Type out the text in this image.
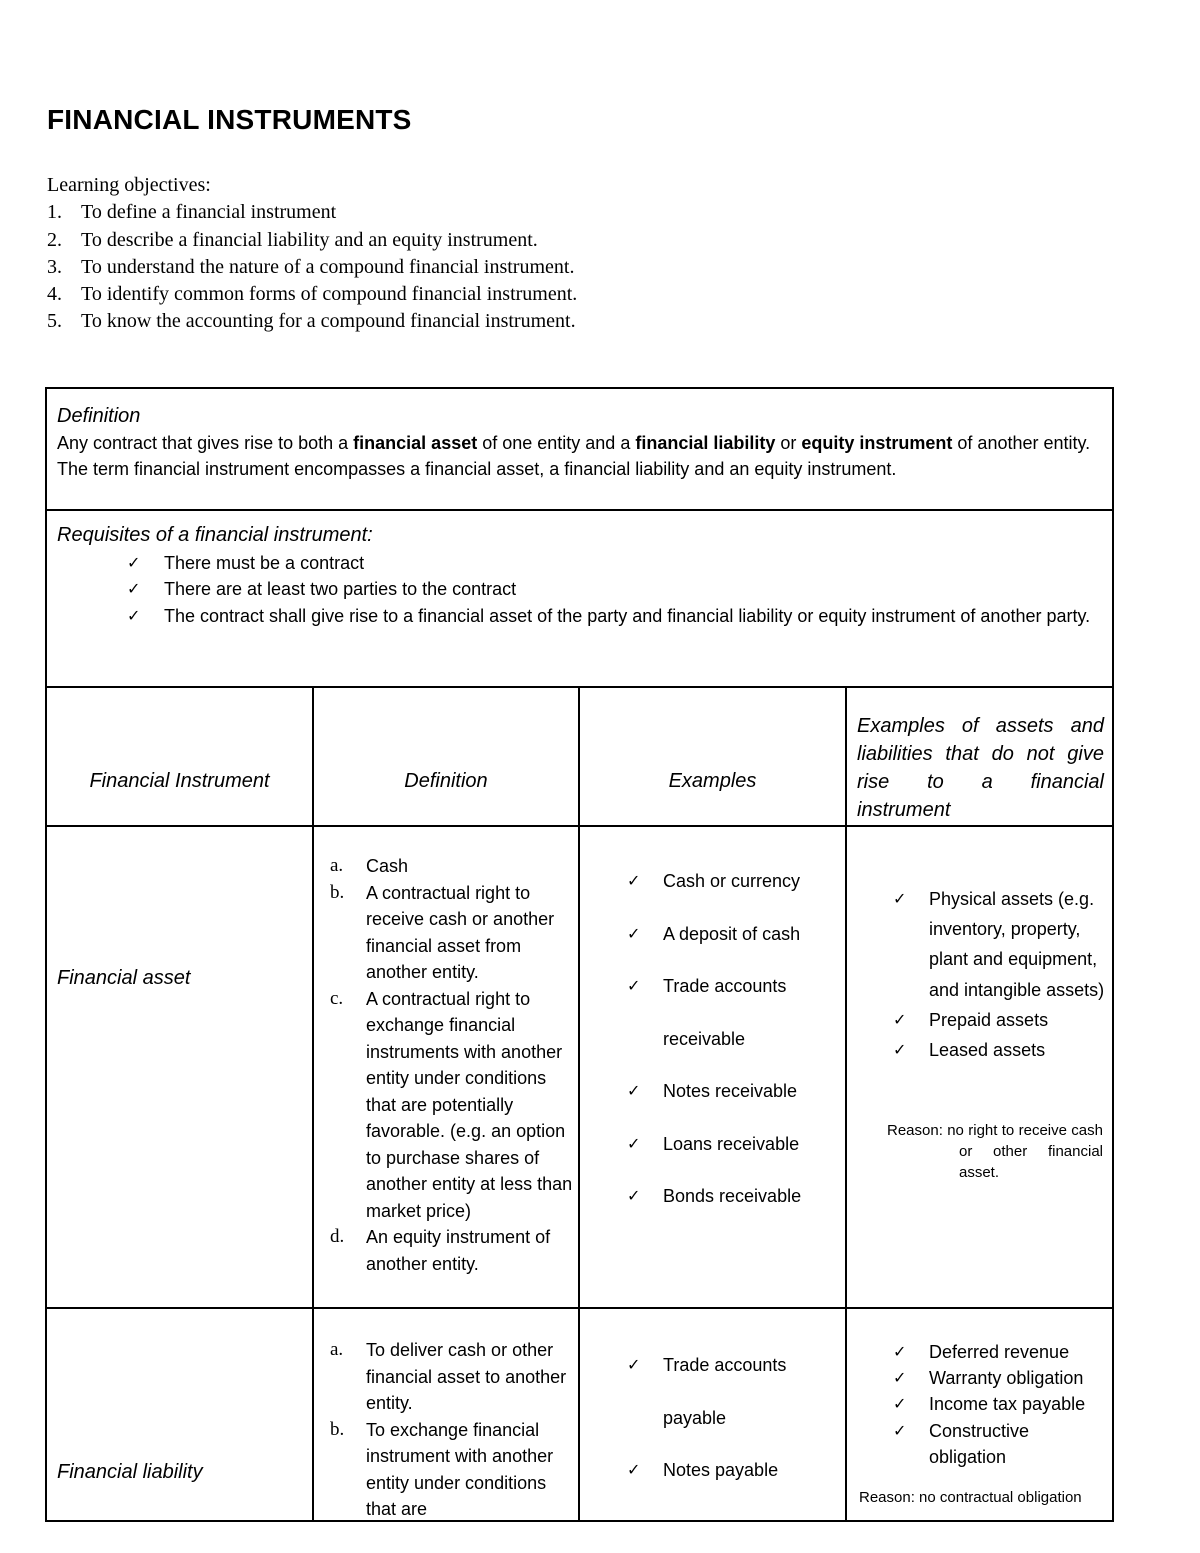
FINANCIAL INSTRUMENTS
Learning objectives:
1. To define a financial instrument
2. To describe a financial liability and an equity instrument.
3. To understand the nature of a compound financial instrument.
4. To identify common forms of compound financial instrument.
5. To know the accounting for a compound financial instrument.
Definition
Any contract that gives rise to both a financial asset of one entity and a financial liability or equity instrument of another entity.
The term financial instrument encompasses a financial asset, a financial liability and an equity instrument.
Requisites of a financial instrument:
✓ There must be a contract
✓ There are at least two parties to the contract
✓ The contract shall give rise to a financial asset of the party and financial liability or equity instrument of another party.
Financial Instrument	Definition	Examples
Examples of assets and liabilities that do not give rise to a financial instrument
Financial asset
a. Cash
b. A contractual right to receive cash or another financial asset from another entity.
c. A contractual right to exchange financial instruments with another entity under conditions that are potentially favorable. (e.g. an option to purchase shares of another entity at less than market price)
d. An equity instrument of another entity.
✓ Cash or currency
✓ A deposit of cash
✓ Trade accounts receivable
✓ Notes receivable
✓ Loans receivable
✓ Bonds receivable
✓ Physical assets (e.g. inventory, property, plant and equipment, and intangible assets)
✓ Prepaid assets
✓ Leased assets
Reason: no right to receive cash or other financial asset.
Financial liability
a. To deliver cash or other financial asset to another entity.
b. To exchange financial instrument with another entity under conditions that are
✓ Trade accounts payable
✓ Notes payable
✓ Deferred revenue
✓ Warranty obligation
✓ Income tax payable
✓ Constructive obligation
Reason: no contractual obligation
